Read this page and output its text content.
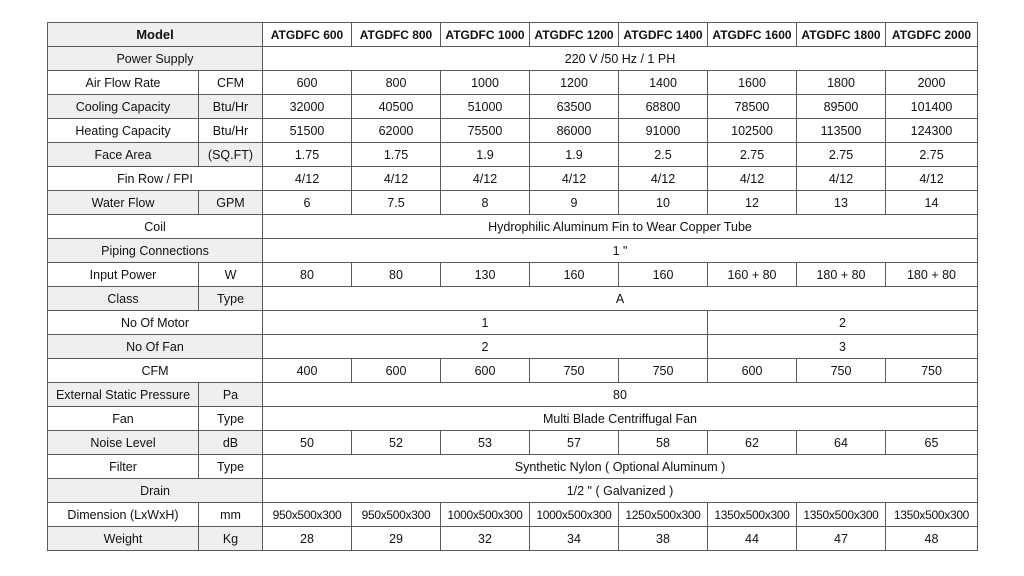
Model		ATGDFC 600	ATGDFC 800	ATGDFC 1000	ATGDFC 1200	ATGDFC 1400	ATGDFC 1600	ATGDFC 1800	ATGDFC 2000
Power Supply		220 V /50 Hz / 1 PH							
Air Flow Rate	CFM	600	800	1000	1200	1400	1600	1800	2000
Cooling Capacity	Btu/Hr	32000	40500	51000	63500	68800	78500	89500	101400
Heating Capacity	Btu/Hr	51500	62000	75500	86000	91000	102500	113500	124300
Face Area	(SQ.FT)	1.75	1.75	1.9	1.9	2.5	2.75	2.75	2.75
Fin Row / FPI		4/12	4/12	4/12	4/12	4/12	4/12	4/12	4/12
Water Flow	GPM	6	7.5	8	9	10	12	13	14
Coil		Hydrophilic Aluminum Fin to Wear Copper Tube							
Piping Connections		1 "							
Input Power	W	80	80	130	160	160	160 + 80	180 + 80	180 + 80
Class	Type	A							
No Of Motor		1					2		
No Of Fan		2					3		
CFM		400	600	600	750	750	600	750	750
External Static Pressure	Pa	80							
Fan	Type	Multi Blade Centriffugal Fan							
Noise Level	dB	50	52	53	57	58	62	64	65
Filter	Type	Synthetic Nylon ( Optional Aluminum )							
Drain		1/2 " ( Galvanized )							
Dimension (LxWxH)	mm	950x500x300	950x500x300	1000x500x300	1000x500x300	1250x500x300	1350x500x300	1350x500x300	1350x500x300
Weight	Kg	28	29	32	34	38	44	47	48
